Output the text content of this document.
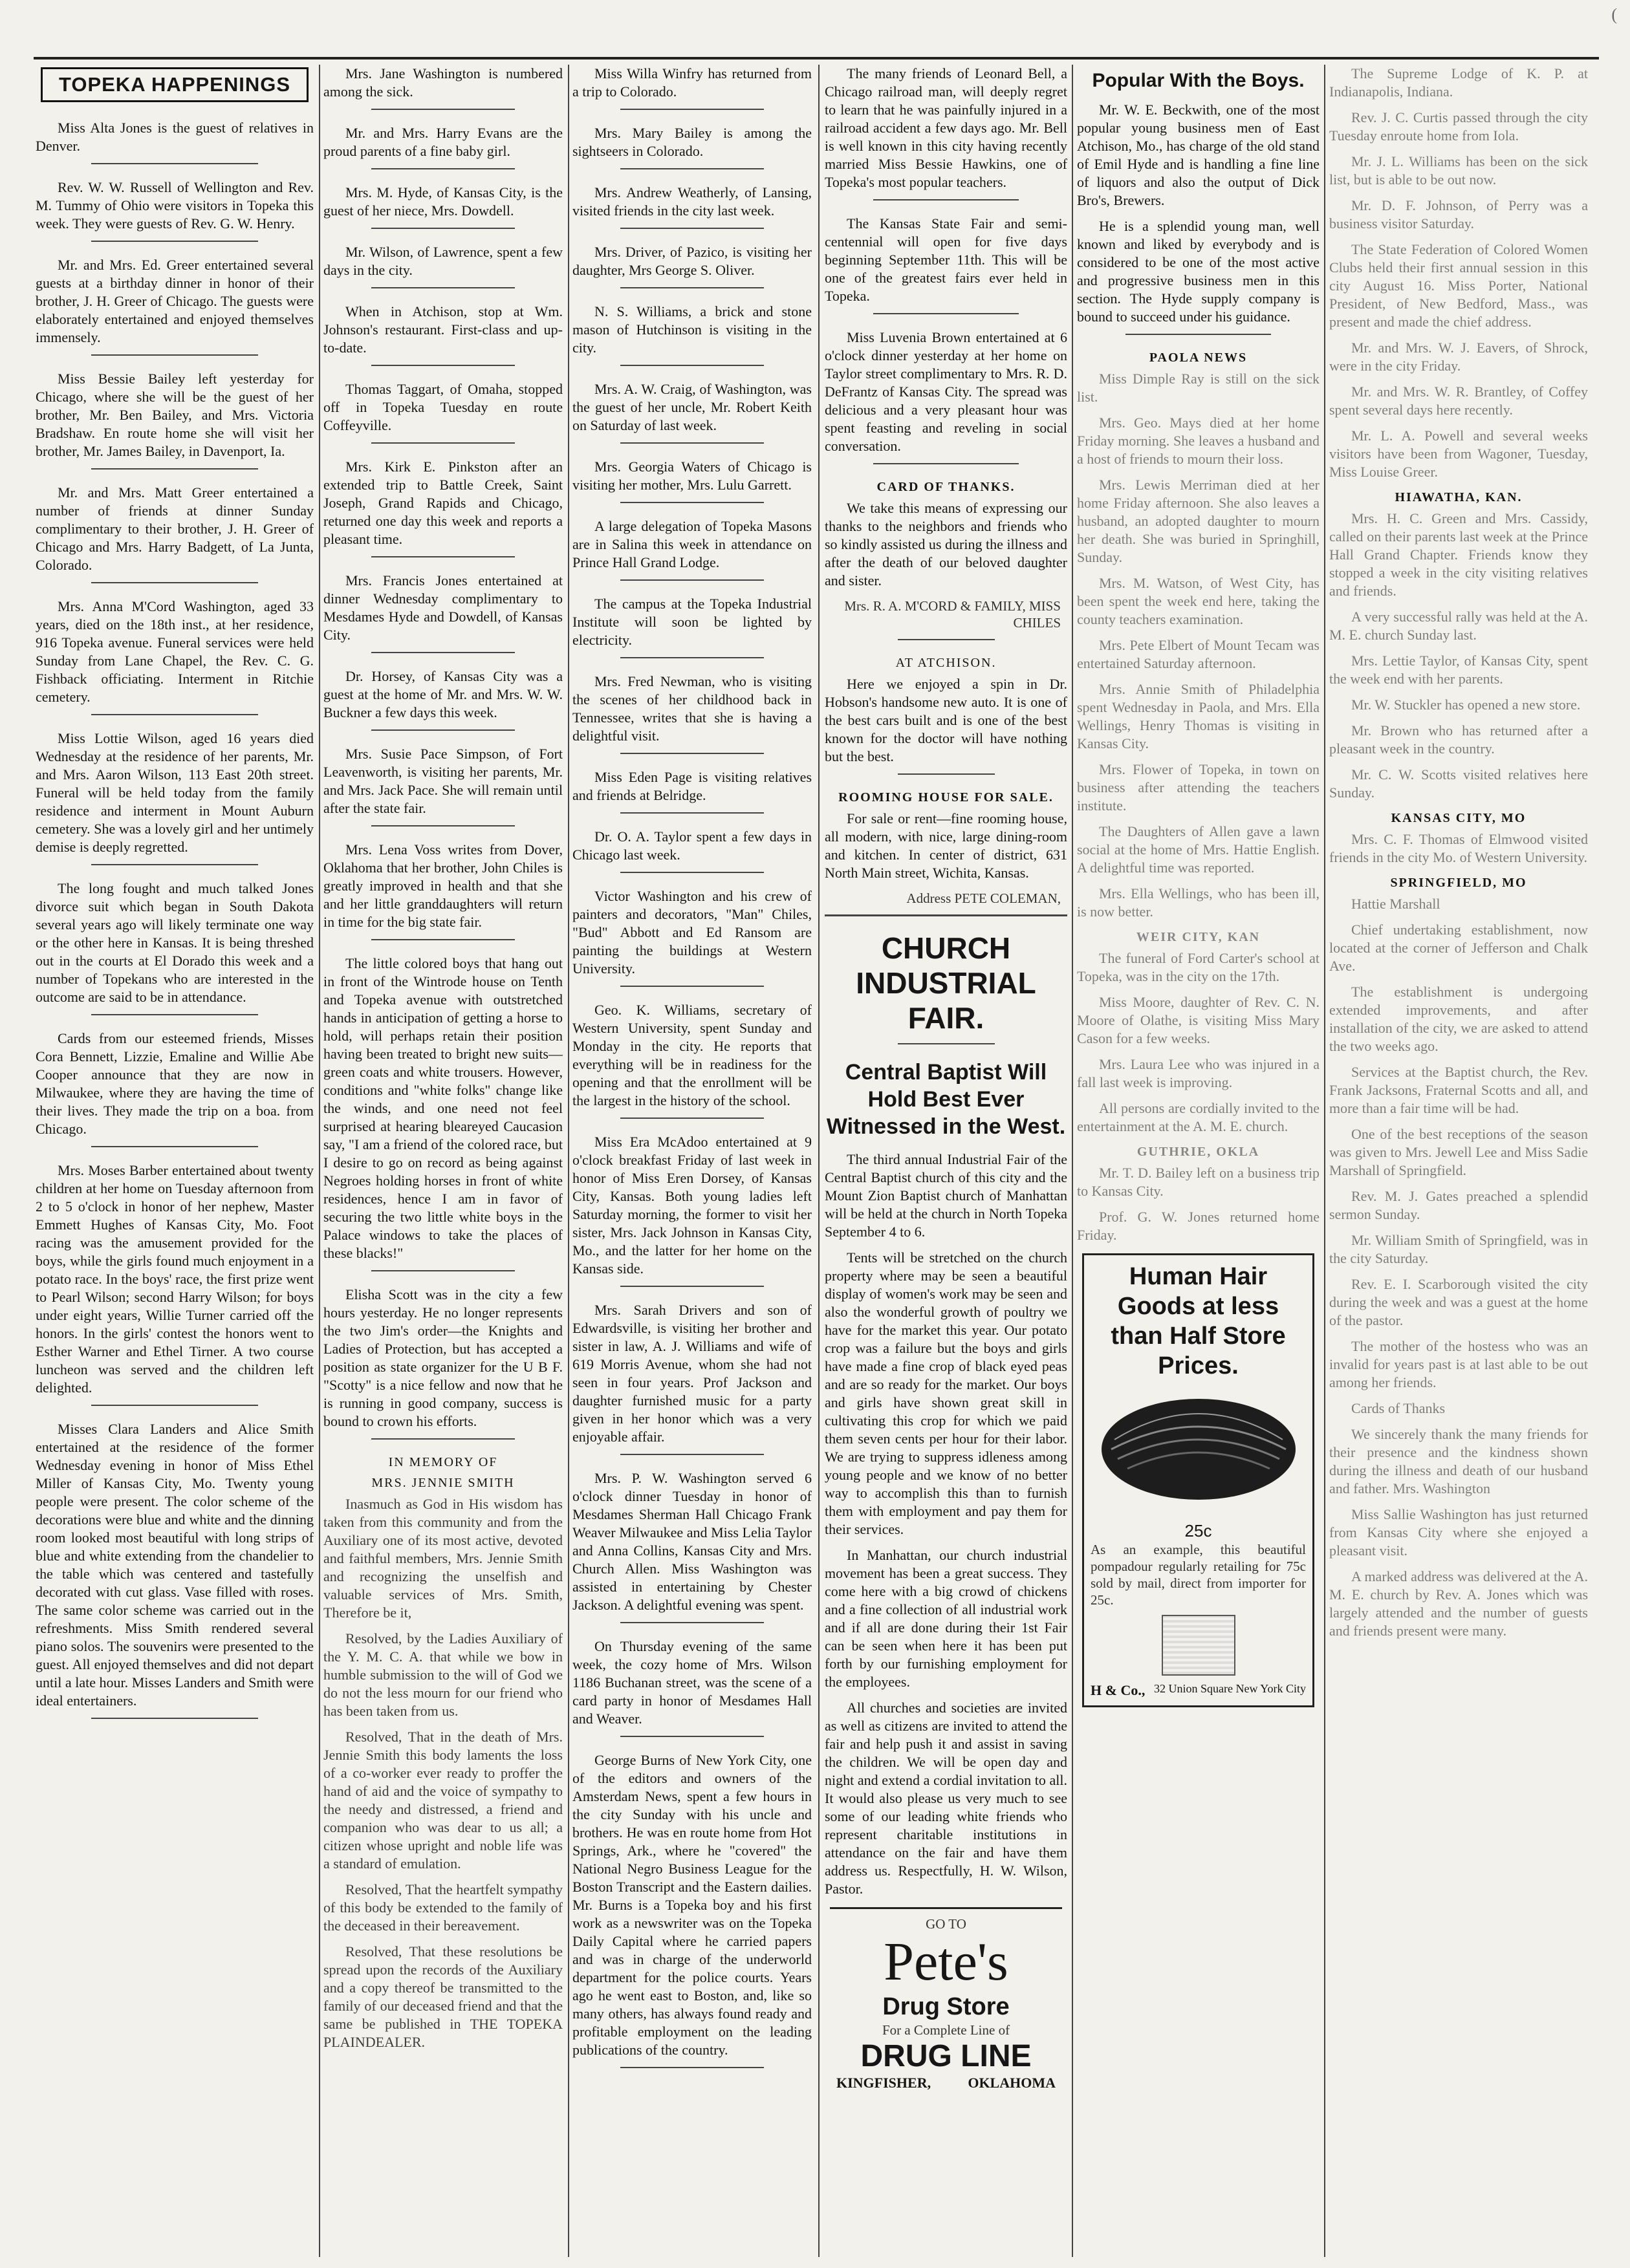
(
TOPEKA HAPPENINGS
Miss Alta Jones is the guest of relatives in Denver.
Rev. W. W. Russell of Wellington and Rev. M. Tummy of Ohio were visitors in Topeka this week. They were guests of Rev. G. W. Henry.
Mr. and Mrs. Ed. Greer entertained several guests at a birthday dinner in honor of their brother, J. H. Greer of Chicago. The guests were elaborately entertained and enjoyed themselves immensely.
Miss Bessie Bailey left yesterday for Chicago, where she will be the guest of her brother, Mr. Ben Bailey, and Mrs. Victoria Bradshaw. En route home she will visit her brother, Mr. James Bailey, in Davenport, Ia.
Mr. and Mrs. Matt Greer entertained a number of friends at dinner Sunday complimentary to their brother, J. H. Greer of Chicago and Mrs. Harry Badgett, of La Junta, Colorado.
Mrs. Anna M'Cord Washington, aged 33 years, died on the 18th inst., at her residence, 916 Topeka avenue. Funeral services were held Sunday from Lane Chapel, the Rev. C. G. Fishback officiating. Interment in Ritchie cemetery.
Miss Lottie Wilson, aged 16 years died Wednesday at the residence of her parents, Mr. and Mrs. Aaron Wilson, 113 East 20th street. Funeral will be held today from the family residence and interment in Mount Auburn cemetery. She was a lovely girl and her untimely demise is deeply regretted.
The long fought and much talked Jones divorce suit which began in South Dakota several years ago will likely terminate one way or the other here in Kansas. It is being threshed out in the courts at El Dorado this week and a number of Topekans who are interested in the outcome are said to be in attendance.
Cards from our esteemed friends, Misses Cora Bennett, Lizzie, Emaline and Willie Abe Cooper announce that they are now in Milwaukee, where they are having the time of their lives. They made the trip on a boa. from Chicago.
Mrs. Moses Barber entertained about twenty children at her home on Tuesday afternoon from 2 to 5 o'clock in honor of her nephew, Master Emmett Hughes of Kansas City, Mo. Foot racing was the amusement provided for the boys, while the girls found much enjoyment in a potato race. In the boys' race, the first prize went to Pearl Wilson; second Harry Wilson; for boys under eight years, Willie Turner carried off the honors. In the girls' contest the honors went to Esther Warner and Ethel Tirner. A two course luncheon was served and the children left delighted.
Misses Clara Landers and Alice Smith entertained at the residence of the former Wednesday evening in honor of Miss Ethel Miller of Kansas City, Mo. Twenty young people were present. The color scheme of the decorations were blue and white and the dinning room looked most beautiful with long strips of blue and white extending from the chandelier to the table which was centered and tastefully decorated with cut glass. Vase filled with roses. The same color scheme was carried out in the refreshments. Miss Smith rendered several piano solos. The souvenirs were presented to the guest. All enjoyed themselves and did not depart until a late hour. Misses Landers and Smith were ideal entertainers.
Mrs. Jane Washington is numbered among the sick.
Mr. and Mrs. Harry Evans are the proud parents of a fine baby girl.
Mrs. M. Hyde, of Kansas City, is the guest of her niece, Mrs. Dowdell.
Mr. Wilson, of Lawrence, spent a few days in the city.
When in Atchison, stop at Wm. Johnson's restaurant. First-class and up-to-date.
Thomas Taggart, of Omaha, stopped off in Topeka Tuesday en route Coffeyville.
Mrs. Kirk E. Pinkston after an extended trip to Battle Creek, Saint Joseph, Grand Rapids and Chicago, returned one day this week and reports a pleasant time.
Mrs. Francis Jones entertained at dinner Wednesday complimentary to Mesdames Hyde and Dowdell, of Kansas City.
Dr. Horsey, of Kansas City was a guest at the home of Mr. and Mrs. W. W. Buckner a few days this week.
Mrs. Susie Pace Simpson, of Fort Leavenworth, is visiting her parents, Mr. and Mrs. Jack Pace. She will remain until after the state fair.
Mrs. Lena Voss writes from Dover, Oklahoma that her brother, John Chiles is greatly improved in health and that she and her little granddaughters will return in time for the big state fair.
The little colored boys that hang out in front of the Wintrode house on Tenth and Topeka avenue with outstretched hands in anticipation of getting a horse to hold, will perhaps retain their position having been treated to bright new suits—green coats and white trousers. However, conditions and "white folks" change like the winds, and one need not feel surprised at hearing bleareyed Caucasion say, "I am a friend of the colored race, but I desire to go on record as being against Negroes holding horses in front of white residences, hence I am in favor of securing the two little white boys in the Palace windows to take the places of these blacks!"
Elisha Scott was in the city a few hours yesterday. He no longer represents the two Jim's order—the Knights and Ladies of Protection, but has accepted a position as state organizer for the U B F. "Scotty" is a nice fellow and now that he is running in good company, success is bound to crown his efforts.
IN MEMORY OF
MRS. JENNIE SMITH
Inasmuch as God in His wisdom has taken from this community and from the Auxiliary one of its most active, devoted and faithful members, Mrs. Jennie Smith and recognizing the unselfish and valuable services of Mrs. Smith, Therefore be it,
Resolved, by the Ladies Auxiliary of the Y. M. C. A. that while we bow in humble submission to the will of God we do not the less mourn for our friend who has been taken from us.
Resolved, That in the death of Mrs. Jennie Smith this body laments the loss of a co-worker ever ready to proffer the hand of aid and the voice of sympathy to the needy and distressed, a friend and companion who was dear to us all; a citizen whose upright and noble life was a standard of emulation.
Resolved, That the heartfelt sympathy of this body be extended to the family of the deceased in their bereavement.
Resolved, That these resolutions be spread upon the records of the Auxiliary and a copy thereof be transmitted to the family of our deceased friend and that the same be published in THE TOPEKA PLAINDEALER.
Miss Willa Winfry has returned from a trip to Colorado.
Mrs. Mary Bailey is among the sightseers in Colorado.
Mrs. Andrew Weatherly, of Lansing, visited friends in the city last week.
Mrs. Driver, of Pazico, is visiting her daughter, Mrs George S. Oliver.
N. S. Williams, a brick and stone mason of Hutchinson is visiting in the city.
Mrs. A. W. Craig, of Washington, was the guest of her uncle, Mr. Robert Keith on Saturday of last week.
Mrs. Georgia Waters of Chicago is visiting her mother, Mrs. Lulu Garrett.
A large delegation of Topeka Masons are in Salina this week in attendance on Prince Hall Grand Lodge.
The campus at the Topeka Industrial Institute will soon be lighted by electricity.
Mrs. Fred Newman, who is visiting the scenes of her childhood back in Tennessee, writes that she is having a delightful visit.
Miss Eden Page is visiting relatives and friends at Belridge.
Dr. O. A. Taylor spent a few days in Chicago last week.
Victor Washington and his crew of painters and decorators, "Man" Chiles, "Bud" Abbott and Ed Ransom are painting the buildings at Western University.
Geo. K. Williams, secretary of Western University, spent Sunday and Monday in the city. He reports that everything will be in readiness for the opening and that the enrollment will be the largest in the history of the school.
Miss Era McAdoo entertained at 9 o'clock breakfast Friday of last week in honor of Miss Eren Dorsey, of Kansas City, Kansas. Both young ladies left Saturday morning, the former to visit her sister, Mrs. Jack Johnson in Kansas City, Mo., and the latter for her home on the Kansas side.
Mrs. Sarah Drivers and son of Edwardsville, is visiting her brother and sister in law, A. J. Williams and wife of 619 Morris Avenue, whom she had not seen in four years. Prof Jackson and daughter furnished music for a party given in her honor which was a very enjoyable affair.
Mrs. P. W. Washington served 6 o'clock dinner Tuesday in honor of Mesdames Sherman Hall Chicago Frank Weaver Milwaukee and Miss Lelia Taylor and Anna Collins, Kansas City and Mrs. Church Allen. Miss Washington was assisted in entertaining by Chester Jackson. A delightful evening was spent.
On Thursday evening of the same week, the cozy home of Mrs. Wilson 1186 Buchanan street, was the scene of a card party in honor of Mesdames Hall and Weaver.
George Burns of New York City, one of the editors and owners of the Amsterdam News, spent a few hours in the city Sunday with his uncle and brothers. He was en route home from Hot Springs, Ark., where he "covered" the National Negro Business League for the Boston Transcript and the Eastern dailies. Mr. Burns is a Topeka boy and his first work as a newswriter was on the Topeka Daily Capital where he carried papers and was in charge of the underworld department for the police courts. Years ago he went east to Boston, and, like so many others, has always found ready and profitable employment on the leading publications of the country.
The many friends of Leonard Bell, a Chicago railroad man, will deeply regret to learn that he was painfully injured in a railroad accident a few days ago. Mr. Bell is well known in this city having recently married Miss Bessie Hawkins, one of Topeka's most popular teachers.
The Kansas State Fair and semi-centennial will open for five days beginning September 11th. This will be one of the greatest fairs ever held in Topeka.
Miss Luvenia Brown entertained at 6 o'clock dinner yesterday at her home on Taylor street complimentary to Mrs. R. D. DeFrantz of Kansas City. The spread was delicious and a very pleasant hour was spent feasting and reveling in social conversation.
CARD OF THANKS.
We take this means of expressing our thanks to the neighbors and friends who so kindly assisted us during the illness and after the death of our beloved daughter and sister.
Mrs. R. A. M'CORD & FAMILY, MISS CHILES
AT ATCHISON.
Here we enjoyed a spin in Dr. Hobson's handsome new auto. It is one of the best cars built and is one of the best known for the doctor will have nothing but the best.
ROOMING HOUSE FOR SALE.
For sale or rent—fine rooming house, all modern, with nice, large dining-room and kitchen. In center of district, 631 North Main street, Wichita, Kansas.
Address PETE COLEMAN,
CHURCH INDUSTRIAL FAIR.
Central Baptist Will Hold Best Ever Witnessed in the West.
The third annual Industrial Fair of the Central Baptist church of this city and the Mount Zion Baptist church of Manhattan will be held at the church in North Topeka September 4 to 6.
Tents will be stretched on the church property where may be seen a beautiful display of women's work may be seen and also the wonderful growth of poultry we have for the market this year. Our potato crop was a failure but the boys and girls have made a fine crop of black eyed peas and are so ready for the market. Our boys and girls have shown great skill in cultivating this crop for which we paid them seven cents per hour for their labor. We are trying to suppress idleness among young people and we know of no better way to accomplish this than to furnish them with employment and pay them for their services.
In Manhattan, our church industrial movement has been a great success. They come here with a big crowd of chickens and a fine collection of all industrial work and if all are done during their 1st Fair can be seen when here it has been put forth by our furnishing employment for the employees.
All churches and societies are invited as well as citizens are invited to attend the fair and help push it and assist in saving the children. We will be open day and night and extend a cordial invitation to all. It would also please us very much to see some of our leading white friends who represent charitable institutions in attendance on the fair and have them address us. Respectfully, H. W. Wilson, Pastor.
GO TO
Pete's
Drug Store
For a Complete Line of
DRUG LINE
KINGFISHER,	OKLAHOMA
Popular With the Boys.
Mr. W. E. Beckwith, one of the most popular young business men of East Atchison, Mo., has charge of the old stand of Emil Hyde and is handling a fine line of liquors and also the output of Dick Bro's, Brewers.
He is a splendid young man, well known and liked by everybody and is considered to be one of the most active and progressive business men in this section. The Hyde supply company is bound to succeed under his guidance.
PAOLA NEWS
Miss Dimple Ray is still on the sick list.
Mrs. Geo. Mays died at her home Friday morning. She leaves a husband and a host of friends to mourn their loss.
Mrs. Lewis Merriman died at her home Friday afternoon. She also leaves a husband, an adopted daughter to mourn her death. She was buried in Springhill, Sunday.
Mrs. M. Watson, of West City, has been spent the week end here, taking the county teachers examination.
Mrs. Pete Elbert of Mount Tecam was entertained Saturday afternoon.
Mrs. Annie Smith of Philadelphia spent Wednesday in Paola, and Mrs. Ella Wellings, Henry Thomas is visiting in Kansas City.
Mrs. Flower of Topeka, in town on business after attending the teachers institute.
The Daughters of Allen gave a lawn social at the home of Mrs. Hattie English. A delightful time was reported.
Mrs. Ella Wellings, who has been ill, is now better.
WEIR CITY, KAN
The funeral of Ford Carter's school at Topeka, was in the city on the 17th.
Miss Moore, daughter of Rev. C. N. Moore of Olathe, is visiting Miss Mary Cason for a few weeks.
Mrs. Laura Lee who was injured in a fall last week is improving.
All persons are cordially invited to the entertainment at the A. M. E. church.
GUTHRIE, OKLA
Mr. T. D. Bailey left on a business trip to Kansas City.
Prof. G. W. Jones returned home Friday.
Human Hair Goods at less than Half Store Prices.
25c
As an example, this beautiful pompadour regularly retailing for 75c sold by mail, direct from importer for 25c.
H & Co., 32 Union Square New York City
The Supreme Lodge of K. P. at Indianapolis, Indiana.
Rev. J. C. Curtis passed through the city Tuesday enroute home from Iola.
Mr. J. L. Williams has been on the sick list, but is able to be out now.
Mr. D. F. Johnson, of Perry was a business visitor Saturday.
The State Federation of Colored Women Clubs held their first annual session in this city August 16. Miss Porter, National President, of New Bedford, Mass., was present and made the chief address.
Mr. and Mrs. W. J. Eavers, of Shrock, were in the city Friday.
Mr. and Mrs. W. R. Brantley, of Coffey spent several days here recently.
Mr. L. A. Powell and several weeks visitors have been from Wagoner, Tuesday, Miss Louise Greer.
HIAWATHA, KAN.
Mrs. H. C. Green and Mrs. Cassidy, called on their parents last week at the Prince Hall Grand Chapter. Friends know they stopped a week in the city visiting relatives and friends.
A very successful rally was held at the A. M. E. church Sunday last.
Mrs. Lettie Taylor, of Kansas City, spent the week end with her parents.
Mr. W. Stuckler has opened a new store.
Mr. Brown who has returned after a pleasant week in the country.
Mr. C. W. Scotts visited relatives here Sunday.
KANSAS CITY, MO
Mrs. C. F. Thomas of Elmwood visited friends in the city Mo. of Western University.
SPRINGFIELD, MO
Hattie Marshall
Chief undertaking establishment, now located at the corner of Jefferson and Chalk Ave.
The establishment is undergoing extended improvements, and after installation of the city, we are asked to attend the two weeks ago.
Services at the Baptist church, the Rev. Frank Jacksons, Fraternal Scotts and all, and more than a fair time will be had.
One of the best receptions of the season was given to Mrs. Jewell Lee and Miss Sadie Marshall of Springfield.
Rev. M. J. Gates preached a splendid sermon Sunday.
Mr. William Smith of Springfield, was in the city Saturday.
Rev. E. I. Scarborough visited the city during the week and was a guest at the home of the pastor.
The mother of the hostess who was an invalid for years past is at last able to be out among her friends.
Cards of Thanks
We sincerely thank the many friends for their presence and the kindness shown during the illness and death of our husband and father. Mrs. Washington
Miss Sallie Washington has just returned from Kansas City where she enjoyed a pleasant visit.
A marked address was delivered at the A. M. E. church by Rev. A. Jones which was largely attended and the number of guests and friends present were many.
